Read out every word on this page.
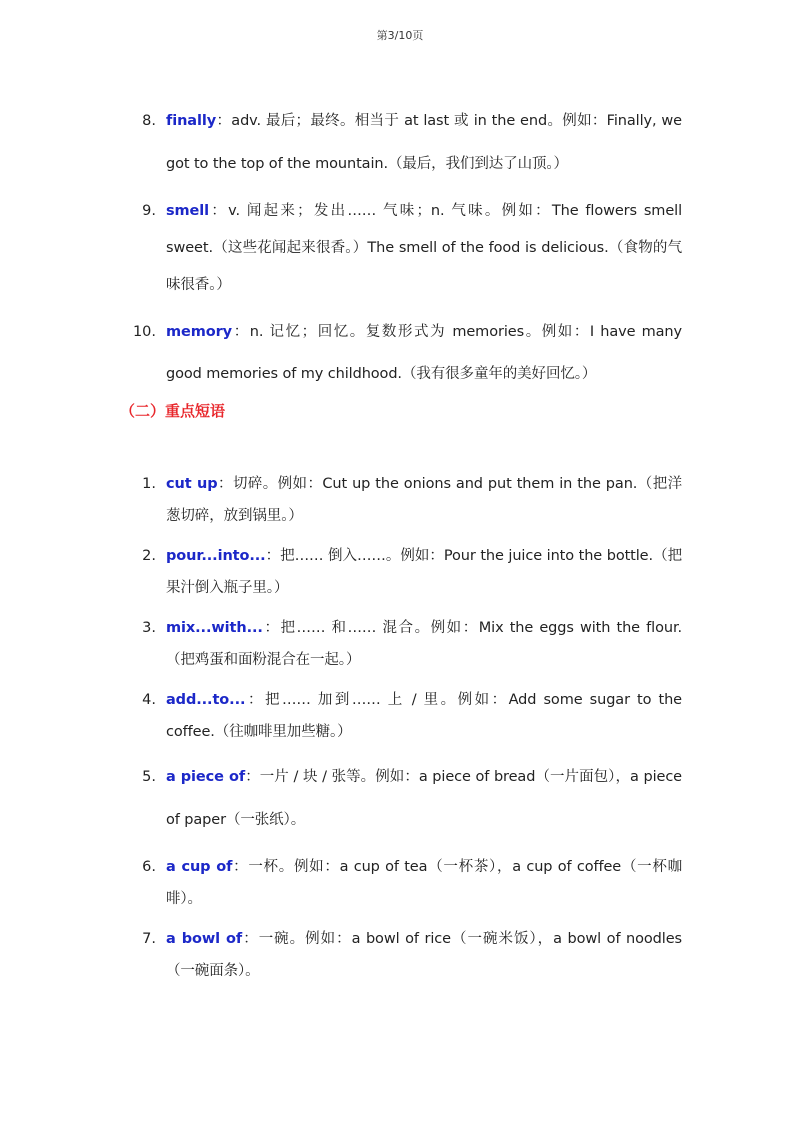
第3/10页
8. finally：adv. 最后；最终。相当于 at last 或 in the end。例如：Finally, we got to the top of the mountain.（最后，我们到达了山顶。）
9. smell：v. 闻起来；发出…… 气味；n. 气味。例如：The flowers smell sweet.（这些花闻起来很香。）The smell of the food is delicious.（食物的气味很香。）
10. memory：n. 记忆；回忆。复数形式为 memories。例如：I have many good memories of my childhood.（我有很多童年的美好回忆。）
（二）重点短语
1. cut up：切碎。例如：Cut up the onions and put them in the pan.（把洋葱切碎，放到锅里。）
2. pour...into...：把…… 倒入……。例如：Pour the juice into the bottle.（把果汁倒入瓶子里。）
3. mix...with...：把…… 和…… 混合。例如：Mix the eggs with the flour.（把鸡蛋和面粉混合在一起。）
4. add...to...：把…… 加到…… 上 / 里。例如：Add some sugar to the coffee.（往咖啡里加些糖。）
5. a piece of：一片 / 块 / 张等。例如：a piece of bread（一片面包），a piece of paper（一张纸）。
6. a cup of：一杯。例如：a cup of tea（一杯茶），a cup of coffee（一杯咖啡）。
7. a bowl of：一碗。例如：a bowl of rice（一碗米饭），a bowl of noodles（一碗面条）。
